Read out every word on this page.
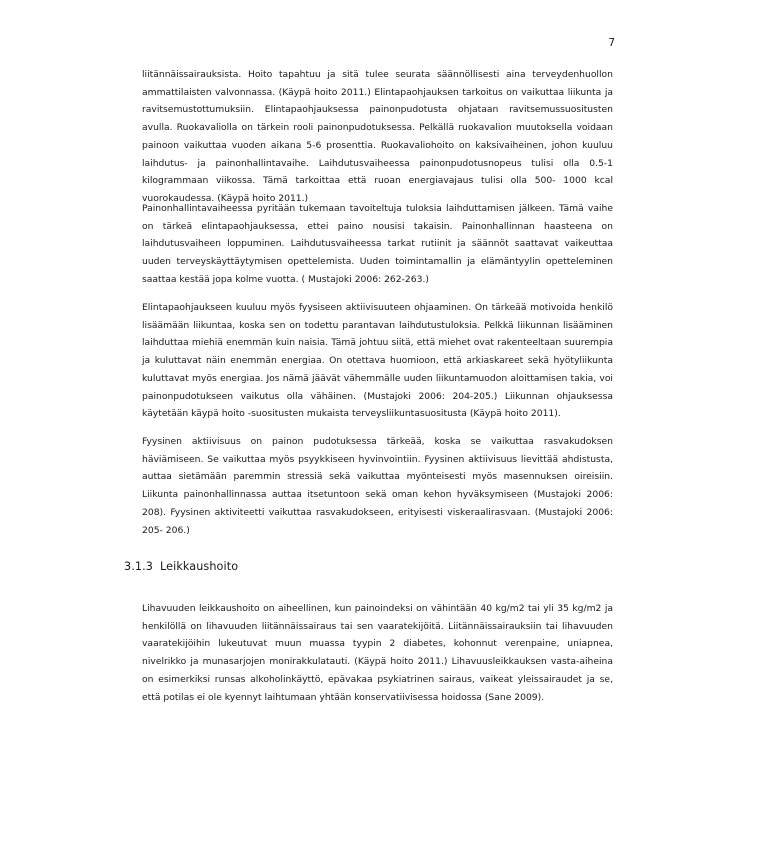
7

liitännäissairauksista. Hoito tapahtuu ja sitä tulee seurata säännöllisesti aina terveydenhuollon ammattilaisten valvonnassa. (Käypä hoito 2011.) Elintapaohjauksen tarkoitus on vaikuttaa liikunta ja ravitsemustottumuksiin. Elintapaohjauksessa painonpudotusta ohjataan ravitsemussuositusten avulla. Ruokavaliolla on tärkein rooli painonpudotuksessa. Pelkällä ruokavalion muutoksella voidaan painoon vaikuttaa vuoden aikana 5-6 prosenttia. Ruokavaliohoito on kaksivaiheinen, johon kuuluu laihdutus- ja painonhallintavaihe. Laihdutusvaiheessa painonpudotusnopeus tulisi olla 0.5-1 kilogrammaan viikossa. Tämä tarkoittaa että ruoan energiavajaus tulisi olla 500- 1000 kcal vuorokaudessa. (Käypä hoito 2011.)

Painonhallintavaiheessa pyritään tukemaan tavoiteltuja tuloksia laihduttamisen jälkeen. Tämä vaihe on tärkeä elintapaohjauksessa, ettei paino nousisi takaisin. Painonhallinnan haasteena on laihdutusvaiheen loppuminen. Laihdutusvaiheessa tarkat rutiinit ja säännöt saattavat vaikeuttaa uuden terveyskäyttäytymisen opettelemista. Uuden toimintamallin ja elämäntyylin opetteleminen saattaa kestää jopa kolme vuotta. ( Mustajoki 2006: 262-263.)

Elintapaohjaukseen kuuluu myös fyysiseen aktiivisuuteen ohjaaminen. On tärkeää motivoida henkilö lisäämään liikuntaa, koska sen on todettu parantavan laihdutustuloksia. Pelkkä liikunnan lisääminen laihduttaa miehiä enemmän kuin naisia. Tämä johtuu siitä, että miehet ovat rakenteeltaan suurempia ja kuluttavat näin enemmän energiaa. On otettava huomioon, että arkiaskareet sekä hyötyliikunta kuluttavat myös energiaa. Jos nämä jäävät vähemmälle uuden liikuntamuodon aloittamisen takia, voi painonpudotukseen vaikutus olla vähäinen. (Mustajoki 2006: 204-205.) Liikunnan ohjauksessa käytetään käypä hoito -suositusten mukaista terveysliikuntasuositusta (Käypä hoito 2011).

Fyysinen aktiivisuus on painon pudotuksessa tärkeää, koska se vaikuttaa rasvakudoksen häviämiseen. Se vaikuttaa myös psyykkiseen hyvinvointiin. Fyysinen aktiivisuus lievittää ahdistusta, auttaa sietämään paremmin stressiä sekä vaikuttaa myönteisesti myös masennuksen oireisiin. Liikunta painonhallinnassa auttaa itsetuntoon sekä oman kehon hyväksymiseen (Mustajoki 2006: 208). Fyysinen aktiviteetti vaikuttaa rasvakudokseen, erityisesti viskeraalirasvaan. (Mustajoki 2006: 205- 206.)

3.1.3 Leikkaushoito

Lihavuuden leikkaushoito on aiheellinen, kun painoindeksi on vähintään 40 kg/m2 tai yli 35 kg/m2 ja henkilöllä on lihavuuden liitännäissairaus tai sen vaaratekijöitä. Liitännäissairauksiin tai lihavuuden vaaratekijöihin lukeutuvat muun muassa tyypin 2 diabetes, kohonnut verenpaine, uniapnea, nivelrikko ja munasarjojen monirakkulatauti. (Käypä hoito 2011.) Lihavuusleikkauksen vasta-aiheina on esimerkiksi runsas alkoholinkäyttö, epävakaa psykiatrinen sairaus, vaikeat yleissairaudet ja se, että potilas ei ole kyennyt laihtumaan yhtään konservatiivisessa hoidossa (Sane 2009).
